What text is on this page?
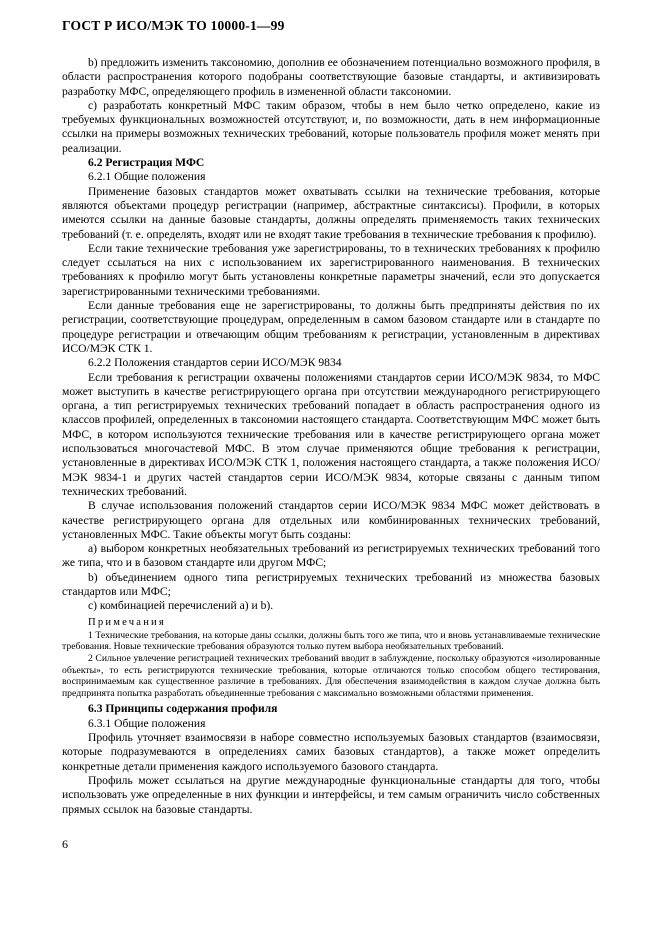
ГОСТ Р ИСО/МЭК ТО 10000-1—99

b) предложить изменить таксономию, дополнив ее обозначением потенциально возможного профиля, в области распространения которого подобраны соответствующие базовые стандарты, и активизировать разработку МФС, определяющего профиль в измененной области таксономии.

с) разработать конкретный МФС таким образом, чтобы в нем было четко определено, какие из требуемых функциональных возможностей отсутствуют, и, по возможности, дать в нем информационные ссылки на примеры возможных технических требований, которые пользователь профиля может менять при реализации.

6.2 Регистрация МФС

6.2.1 Общие положения

Применение базовых стандартов может охватывать ссылки на технические требования, которые являются объектами процедур регистрации (например, абстрактные синтаксисы). Профили, в которых имеются ссылки на данные базовые стандарты, должны определять применяемость таких технических требований (т. е. определять, входят или не входят такие требования в технические требования к профилю).

Если такие технические требования уже зарегистрированы, то в технических требованиях к профилю следует ссылаться на них с использованием их зарегистрированного наименования. В технических требованиях к профилю могут быть установлены конкретные параметры значений, если это допускается зарегистрированными техническими требованиями.

Если данные требования еще не зарегистрированы, то должны быть предприняты действия по их регистрации, соответствующие процедурам, определенным в самом базовом стандарте или в стандарте по процедуре регистрации и отвечающим общим требованиям к регистрации, установленным в директивах ИСО/МЭК СТК 1.

6.2.2 Положения стандартов серии ИСО/МЭК 9834

Если требования к регистрации охвачены положениями стандартов серии ИСО/МЭК 9834, то МФС может выступить в качестве регистрирующего органа при отсутствии международного регистрирующего органа, а тип регистрируемых технических требований попадает в область распространения одного из классов профилей, определенных в таксономии настоящего стандарта. Соответствующим МФС может быть МФС, в котором используются технические требования или в качестве регистрирующего органа может использоваться многочастевой МФС. В этом случае применяются общие требования к регистрации, установленные в директивах ИСО/МЭК СТК 1, положения настоящего стандарта, а также положения ИСО/МЭК 9834-1 и других частей стандартов серии ИСО/МЭК 9834, которые связаны с данным типом технических требований.

В случае использования положений стандартов серии ИСО/МЭК 9834 МФС может действовать в качестве регистрирующего органа для отдельных или комбинированных технических требований, установленных МФС. Такие объекты могут быть созданы:

а) выбором конкретных необязательных требований из регистрируемых технических требований того же типа, что и в базовом стандарте или другом МФС;

b) объединением одного типа регистрируемых технических требований из множества базовых стандартов или МФС;

с) комбинацией перечислений а) и b).

Примечания

1 Технические требования, на которые даны ссылки, должны быть того же типа, что и вновь устанавливаемые технические требования. Новые технические требования образуются только путем выбора необязательных требований.

2 Сильное увлечение регистрацией технических требований вводит в заблуждение, поскольку образуются «изолированные объекты», то есть регистрируются технические требования, которые отличаются только способом общего тестирования, воспринимаемым как существенное различие в требованиях. Для обеспечения взаимодействия в каждом случае должна быть предпринята попытка разработать объединенные требования с максимально возможными областями применения.

6.3 Принципы содержания профиля

6.3.1 Общие положения

Профиль уточняет взаимосвязи в наборе совместно используемых базовых стандартов (взаимосвязи, которые подразумеваются в определениях самих базовых стандартов), а также может определить конкретные детали применения каждого используемого базового стандарта.

Профиль может ссылаться на другие международные функциональные стандарты для того, чтобы использовать уже определенные в них функции и интерфейсы, и тем самым ограничить число собственных прямых ссылок на базовые стандарты.

6
